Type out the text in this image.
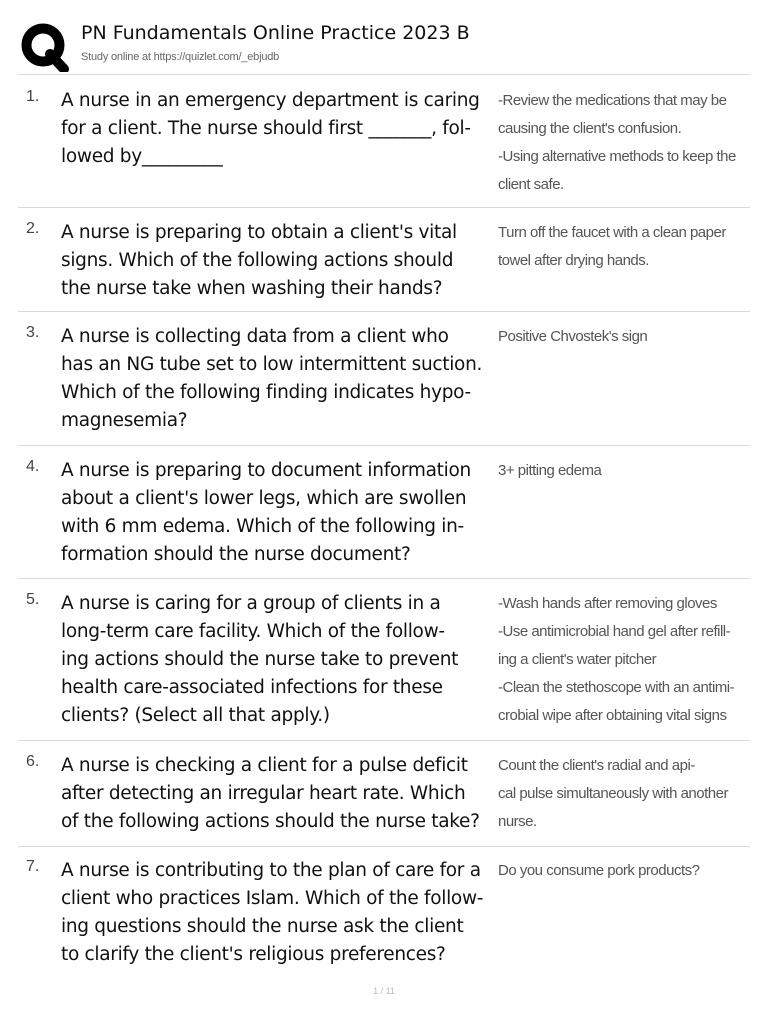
PN Fundamentals Online Practice 2023 B
Study online at https://quizlet.com/_ebjudb
1. A nurse in an emergency department is caring
for a client. The nurse should first _______, fol-
lowed by_________
-Review the medications that may be
causing the client's confusion.
-Using alternative methods to keep the
client safe.
2. A nurse is preparing to obtain a client's vital
signs. Which of the following actions should
the nurse take when washing their hands?
Turn off the faucet with a clean paper
towel after drying hands.
3. A nurse is collecting data from a client who
has an NG tube set to low intermittent suction.
Which of the following finding indicates hypo-
magnesemia?
Positive Chvostek's sign
4. A nurse is preparing to document information
about a client's lower legs, which are swollen
with 6 mm edema. Which of the following in-
formation should the nurse document?
3+ pitting edema
5. A nurse is caring for a group of clients in a
long-term care facility. Which of the follow-
ing actions should the nurse take to prevent
health care-associated infections for these
clients? (Select all that apply.)
-Wash hands after removing gloves
-Use antimicrobial hand gel after refill-
ing a client's water pitcher
-Clean the stethoscope with an antimi-
crobial wipe after obtaining vital signs
6. A nurse is checking a client for a pulse deficit
after detecting an irregular heart rate. Which
of the following actions should the nurse take?
Count the client's radial and api-
cal pulse simultaneously with another
nurse.
7. A nurse is contributing to the plan of care for a
client who practices Islam. Which of the follow-
ing questions should the nurse ask the client
to clarify the client's religious preferences?
Do you consume pork products?
1 / 11
